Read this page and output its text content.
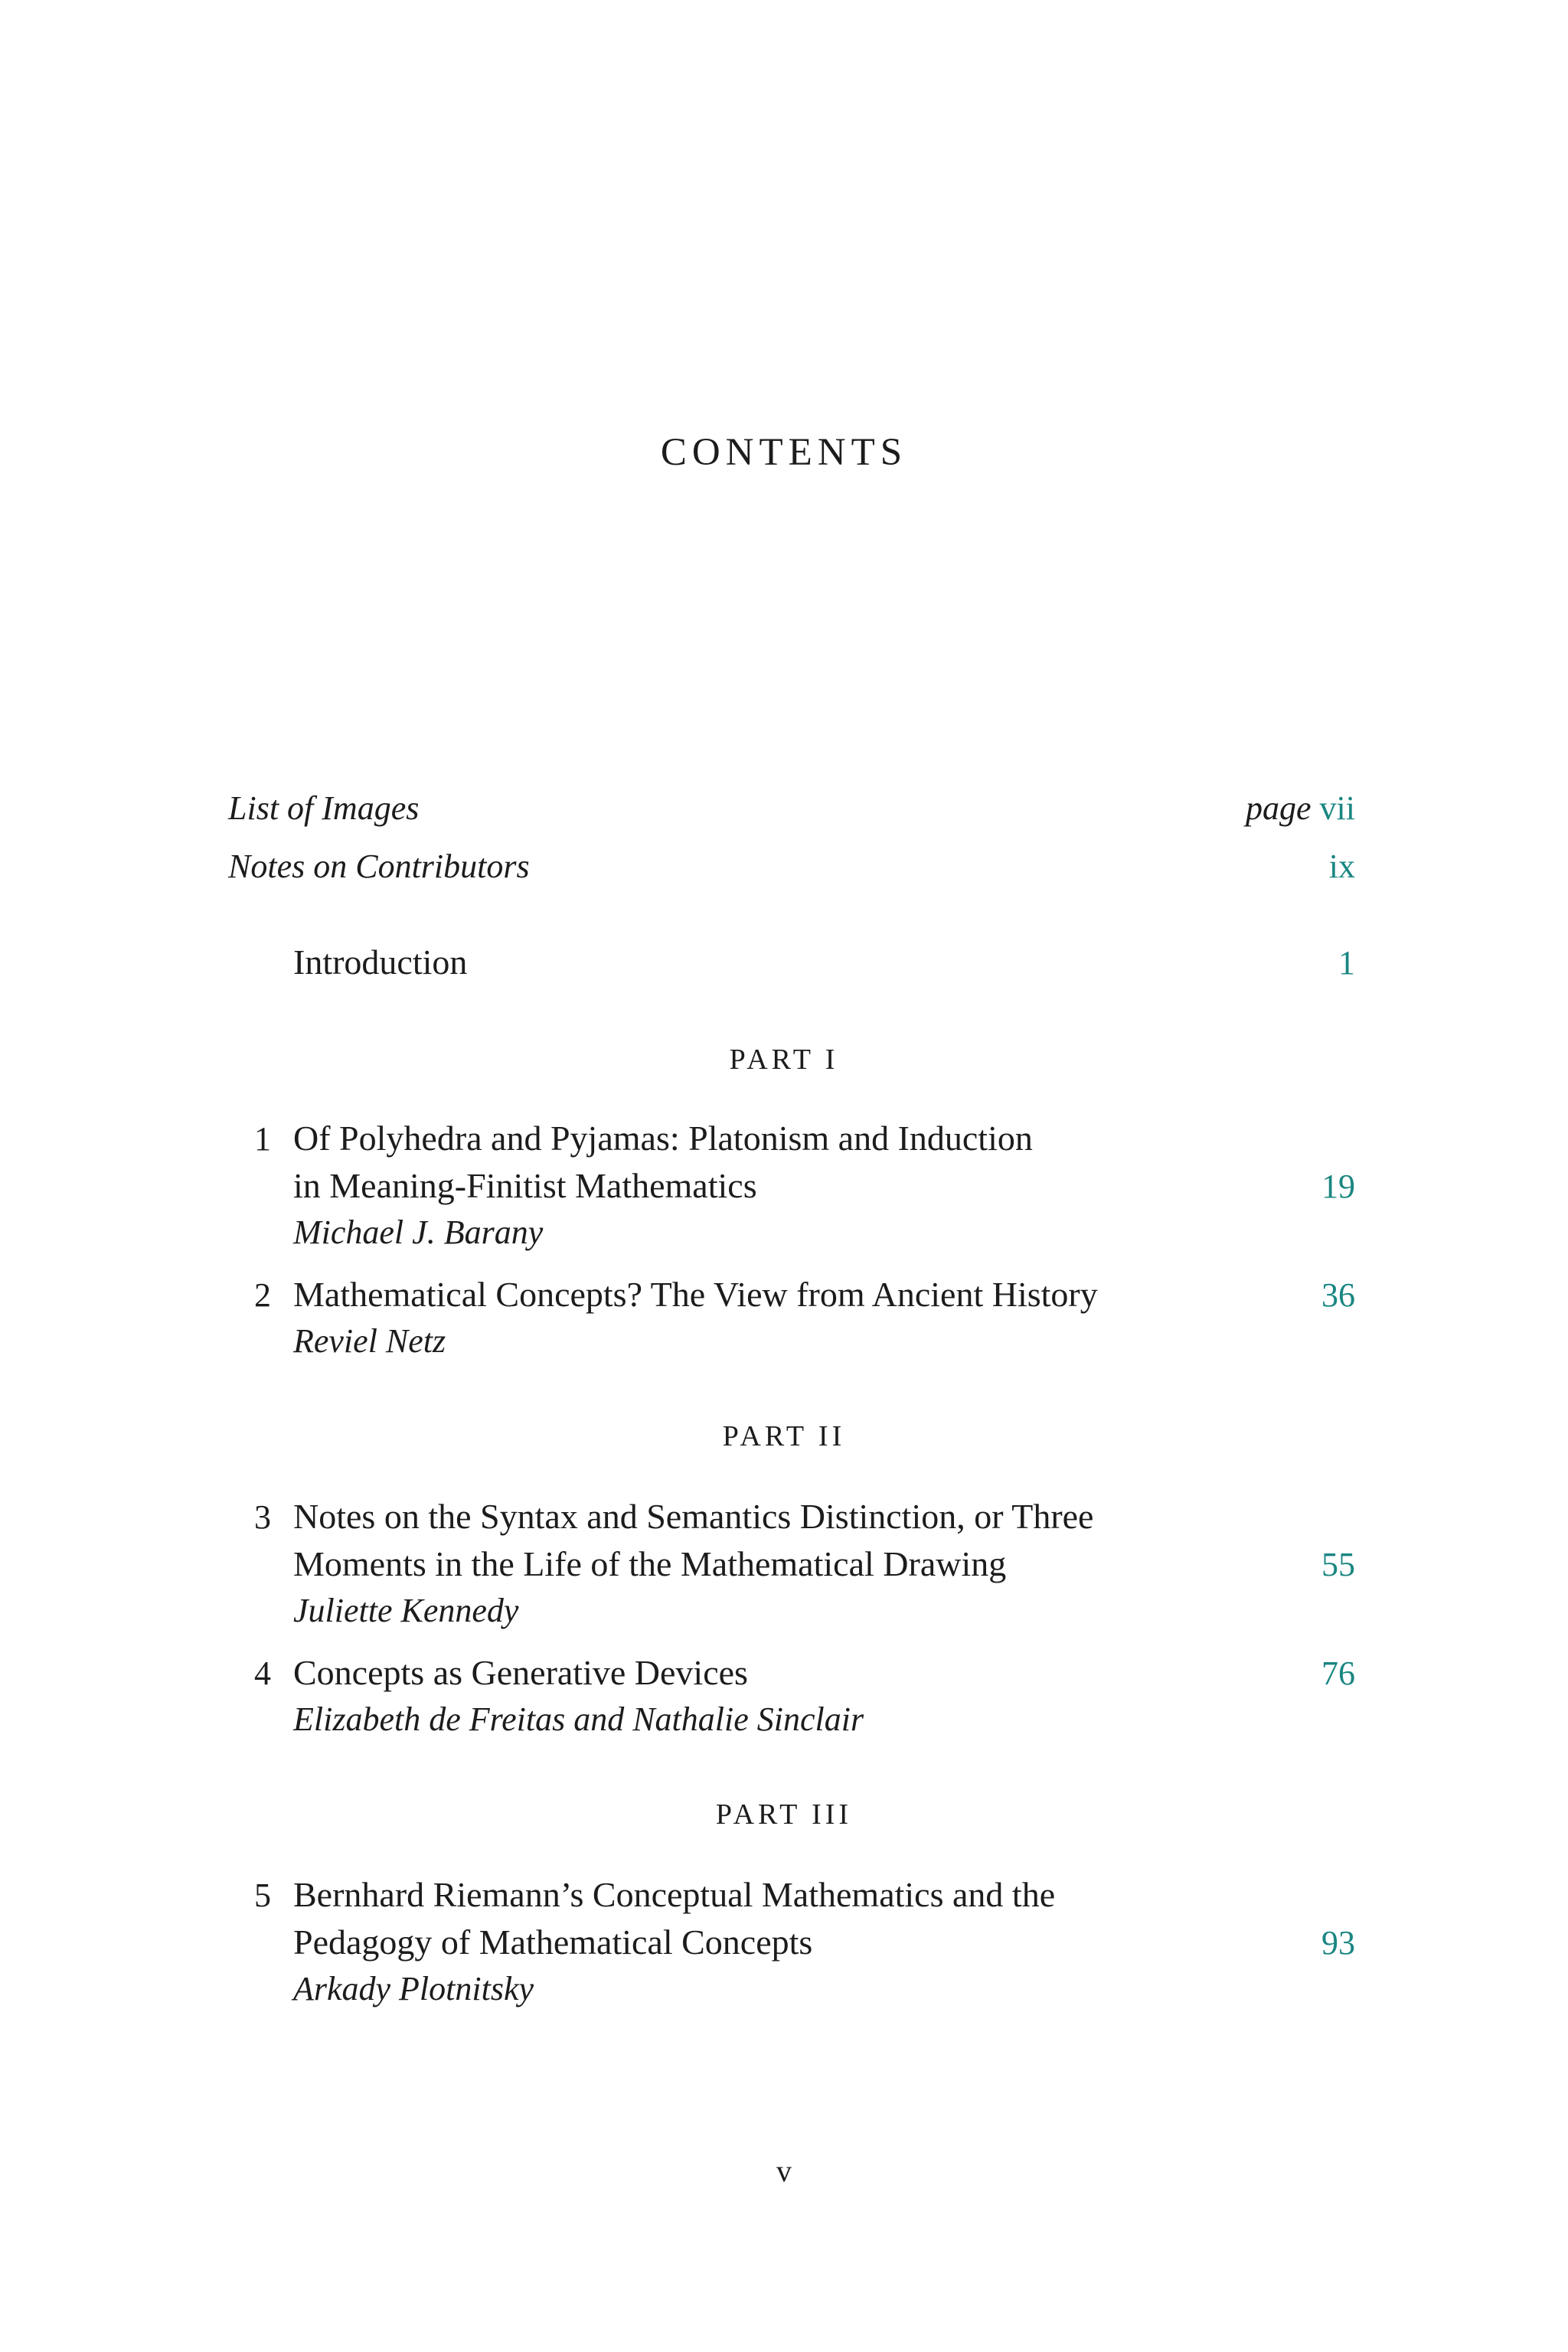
CONTENTS
List of Images	page vii
Notes on Contributors	ix
Introduction	1
PART I
1 Of Polyhedra and Pyjamas: Platonism and Induction
in Meaning-Finitist Mathematics	19
Michael J. Barany
2 Mathematical Concepts? The View from Ancient History	36
Reviel Netz
PART II
3 Notes on the Syntax and Semantics Distinction, or Three
Moments in the Life of the Mathematical Drawing	55
Juliette Kennedy
4 Concepts as Generative Devices	76
Elizabeth de Freitas and Nathalie Sinclair
PART III
5 Bernhard Riemann’s Conceptual Mathematics and the
Pedagogy of Mathematical Concepts	93
Arkady Plotnitsky
v
